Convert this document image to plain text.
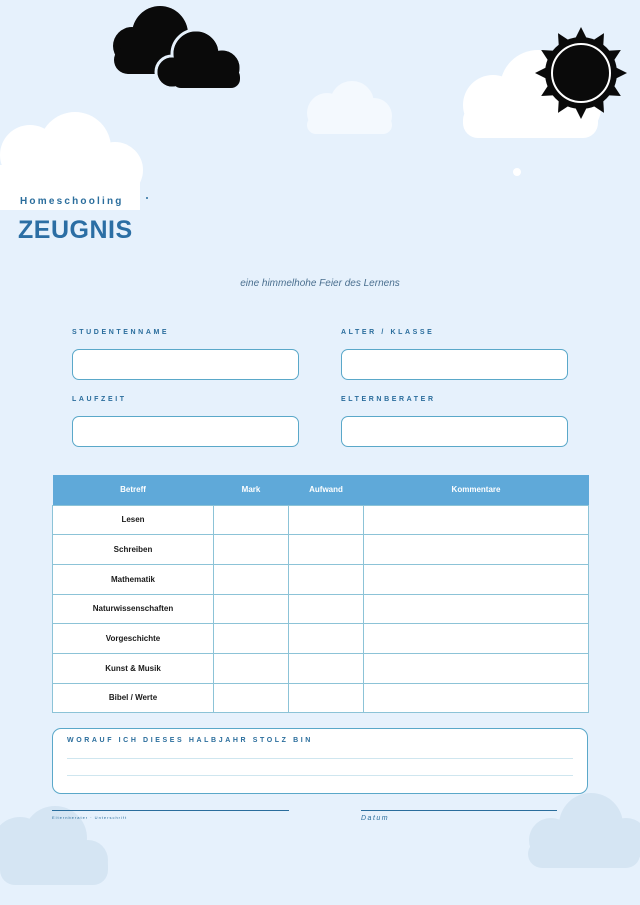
Homeschooling
ZEUGNIS
eine himmelhohe Feier des Lernens
STUDENTENNAME	ALTER / KLASSE
LAUFZEIT	ELTERNBERATER
Betreff	Mark	Aufwand	Kommentare
Lesen			
Schreiben			
Mathematik			
Naturwissenschaften			
Vorgeschichte			
Kunst & Musik			
Bibel / Werte			
WORAUF ICH DIESES HALBJAHR STOLZ BIN
Elternberater · Unterschrift	Datum
